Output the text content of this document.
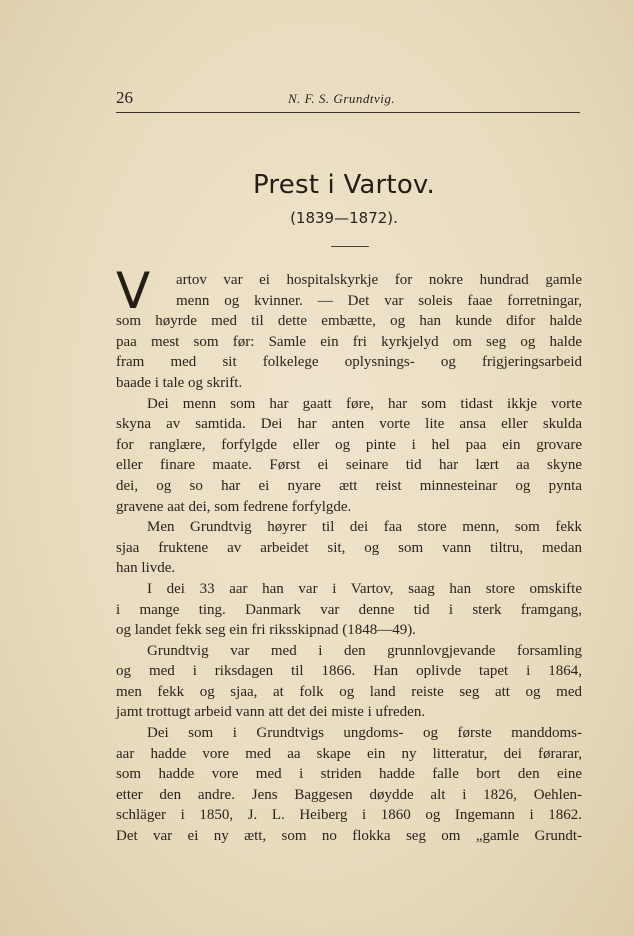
26	N. F. S. Grundtvig.
Prest i Vartov.
(1839—1872).
V	artov var ei hospitalskyrkje for nokre hundrad gamle
menn og kvinner. — Det var soleis faae forretningar,
som høyrde med til dette embætte, og han kunde difor halde
paa mest som før: Samle ein fri kyrkjelyd om seg og halde
fram med sit folkelege oplysnings- og frigjeringsarbeid
baade i tale og skrift.
Dei menn som har gaatt føre, har som tidast ikkje vorte
skyna av samtida. Dei har anten vorte lite ansa eller skulda
for ranglære, forfylgde eller og pinte i hel paa ein grovare
eller finare maate. Først ei seinare tid har lært aa skyne
dei, og so har ei nyare ætt reist minnesteinar og pynta
gravene aat dei, som fedrene forfylgde.
Men Grundtvig høyrer til dei faa store menn, som fekk
sjaa fruktene av arbeidet sit, og som vann tiltru, medan
han livde.
I dei 33 aar han var i Vartov, saag han store omskifte
i mange ting. Danmark var denne tid i sterk framgang,
og landet fekk seg ein fri riksskipnad (1848—49).
Grundtvig var med i den grunnlovgjevande forsamling
og med i riksdagen til 1866. Han oplivde tapet i 1864,
men fekk og sjaa, at folk og land reiste seg att og med
jamt trottugt arbeid vann att det dei miste i ufreden.
Dei som i Grundtvigs ungdoms- og første manddoms-
aar hadde vore med aa skape ein ny litteratur, dei førarar,
som hadde vore med i striden hadde falle bort den eine
etter den andre. Jens Baggesen døydde alt i 1826, Oehlen-
schläger i 1850, J. L. Heiberg i 1860 og Ingemann i 1862.
Det var ei ny ætt, som no flokka seg om „gamle Grundt-
